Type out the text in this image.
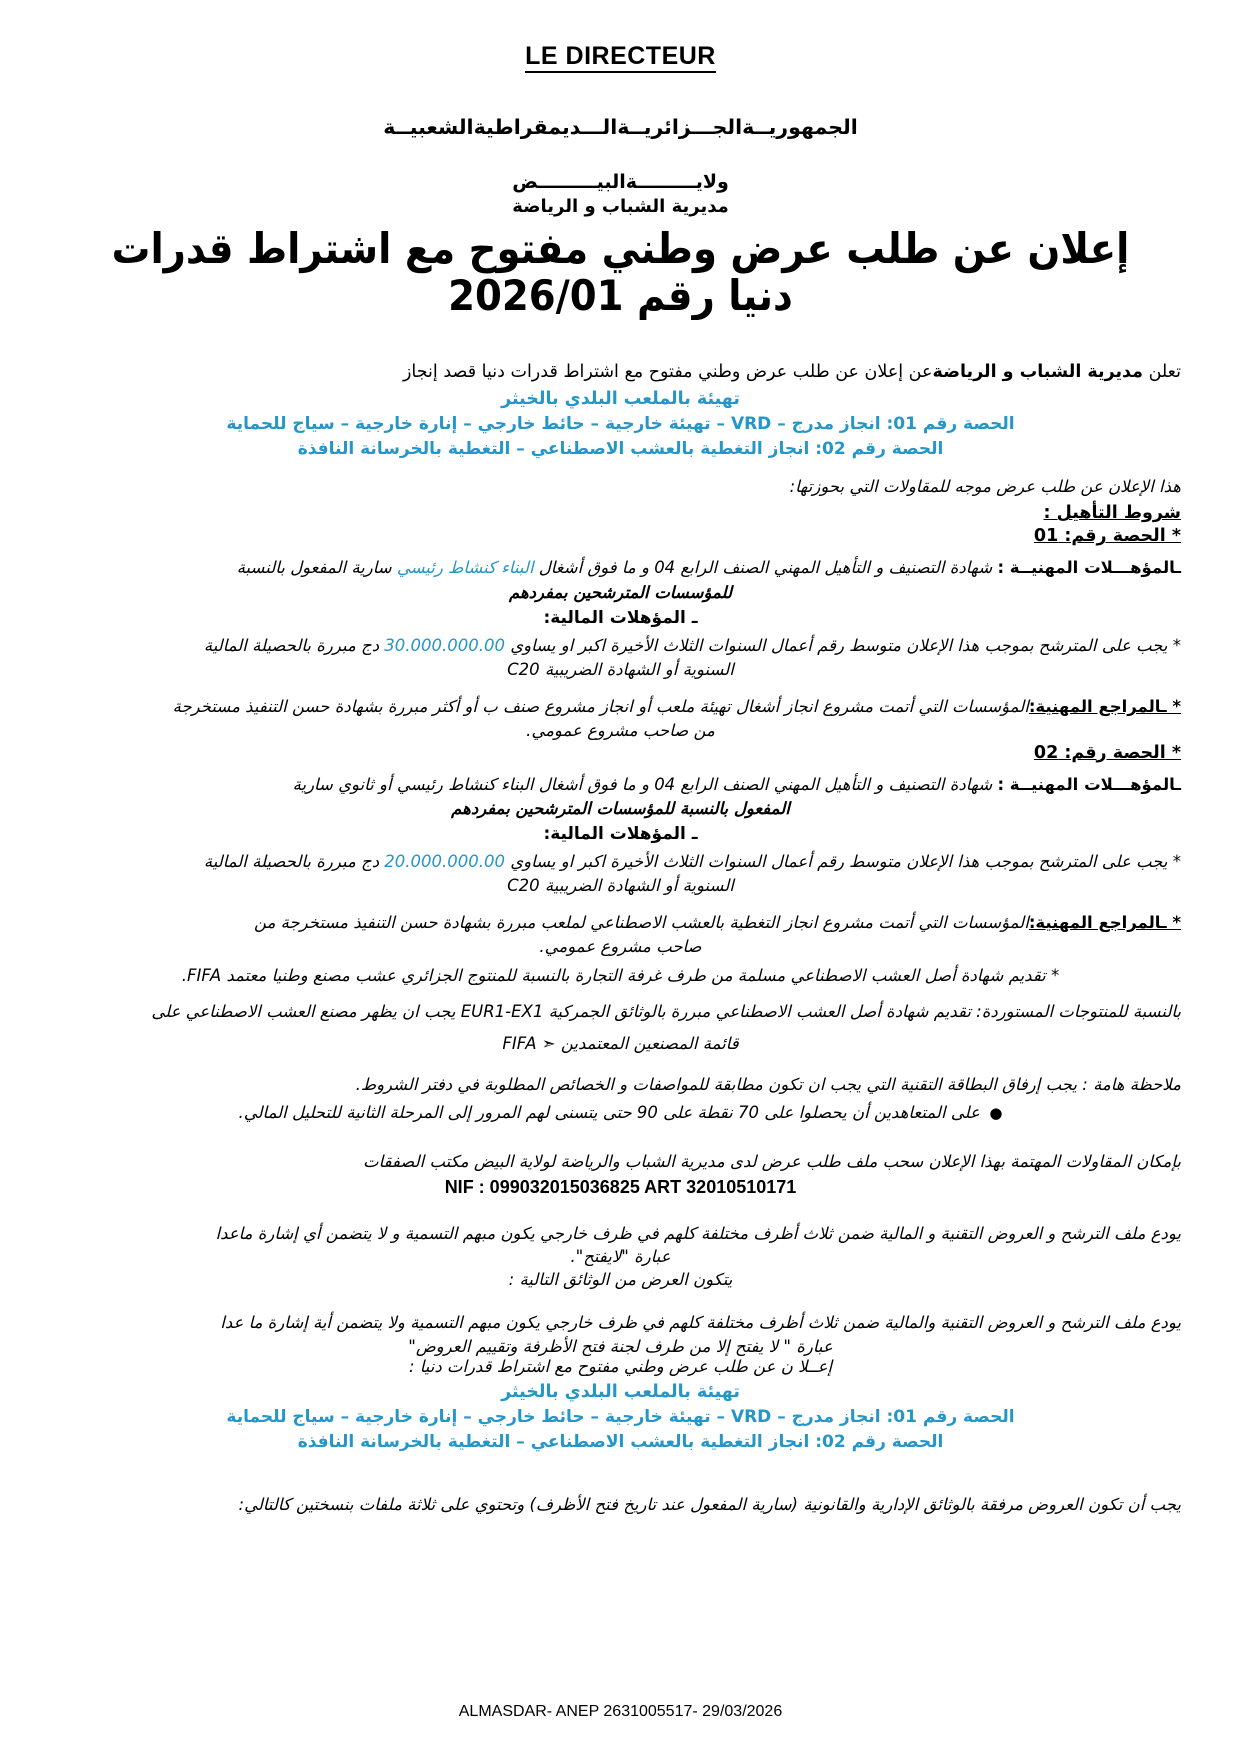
LE DIRECTEUR
الجمهوريــةالجـــزائريــةالـــديمقراطيةالشعبيــة
ولايـــــــــةالبيـــــــــض
مديرية الشباب و الرياضة
إعلان عن طلب عرض وطني مفتوح مع اشتراط قدرات دنيا رقم 2026/01
تعلن مديرية الشباب و الرياضةعن إعلان عن طلب عرض وطني مفتوح مع اشتراط قدرات دنيا قصد إنجاز
تهيئة بالملعب البلدي بالخيثر
الحصة رقم 01: انجاز مدرج – VRD – تهيئة خارجية – حائط خارجي – إنارة خارجية – سياج للحماية
الحصة رقم 02: انجاز التغطية بالعشب الاصطناعي – التغطية بالخرسانة النافذة
هذا الإعلان عن طلب عرض موجه للمقاولات التي بحوزتها:
شروط التأهيل :
* الحصة رقم: 01
ـالمؤهـــلات المهنيــة : شهادة التصنيف و التأهيل المهني الصنف الرابع 04 و ما فوق أشغال البناء كنشاط رئيسي سارية المفعول بالنسبة
للمؤسسات المترشحين بمفردهم
ـ المؤهلات المالية:
* يجب على المترشح بموجب هذا الإعلان متوسط رقم أعمال السنوات الثلاث الأخيرة اكبر او يساوي 30.000.000.00 دج مبررة بالحصيلة المالية
السنوية أو الشهادة الضريبية C20
* ـالمراجع المهنية:المؤسسات التي أتمت مشروع انجاز أشغال تهيئة ملعب أو انجاز مشروع صنف ب أو أكثر مبررة بشهادة حسن التنفيذ مستخرجة
من صاحب مشروع عمومي.
* الحصة رقم: 02
ـالمؤهـــلات المهنيــة : شهادة التصنيف و التأهيل المهني الصنف الرابع 04 و ما فوق أشغال البناء كنشاط رئيسي أو ثانوي سارية
المفعول بالنسبة للمؤسسات المترشحين بمفردهم
ـ المؤهلات المالية:
* يجب على المترشح بموجب هذا الإعلان متوسط رقم أعمال السنوات الثلاث الأخيرة اكبر او يساوي 20.000.000.00 دج مبررة بالحصيلة المالية
السنوية أو الشهادة الضريبية C20
* ـالمراجع المهنية:المؤسسات التي أتمت مشروع انجاز التغطية بالعشب الاصطناعي لملعب مبررة بشهادة حسن التنفيذ مستخرجة من
صاحب مشروع عمومي.
* تقديم شهادة أصل العشب الاصطناعي مسلمة من طرف غرفة التجارة بالنسبة للمنتوج الجزائري عشب مصنع وطنيا معتمد FIFA.
بالنسبة للمنتوجات المستوردة: تقديم شهادة أصل العشب الاصطناعي مبررة بالوثائق الجمركية EUR1-EX1 يجب ان يظهر مصنع العشب الاصطناعي على
قائمة المصنعين المعتمدين ➣ FIFA
ملاحظة هامة : يجب إرفاق البطاقة التقنية التي يجب ان تكون مطابقة للمواصفات و الخصائص المطلوبة في دفتر الشروط.
●  على المتعاهدين أن يحصلوا على 70 نقطة على 90 حتى يتسنى لهم المرور إلى المرحلة الثانية للتحليل المالي.
بإمكان المقاولات المهتمة بهذا الإعلان سحب ملف طلب عرض لدى مديرية الشباب والرياضة لولاية البيض مكتب الصفقات
NIF : 099032015036825 ART 32010510171
يودع ملف الترشح و العروض التقنية و المالية ضمن ثلاث أظرف مختلفة كلهم في ظرف خارجي يكون مبهم التسمية و لا يتضمن أي إشارة ماعدا
عبارة "لايفتح".
يتكون العرض من الوثائق التالية :
يودع ملف الترشح و العروض التقنية والمالية ضمن ثلاث أظرف مختلفة كلهم في ظرف خارجي يكون مبهم التسمية ولا يتضمن أية إشارة ما عدا
عبارة " لا يفتح إلا من طرف لجنة فتح الأظرفة وتقييم العروض"
إعــلا ن عن طلب عرض وطني مفتوح مع اشتراط قدرات دنيا :
تهيئة بالملعب البلدي بالخيثر
الحصة رقم 01: انجاز مدرج – VRD – تهيئة خارجية – حائط خارجي – إنارة خارجية – سياج للحماية
الحصة رقم 02: انجاز التغطية بالعشب الاصطناعي – التغطية بالخرسانة النافذة
يجب أن تكون العروض مرفقة بالوثائق الإدارية والقانونية (سارية المفعول عند تاريخ فتح الأظرف) وتحتوي على ثلاثة ملفات بنسختين كالتالي:
ALMASDAR- ANEP 2631005517- 29/03/2026
